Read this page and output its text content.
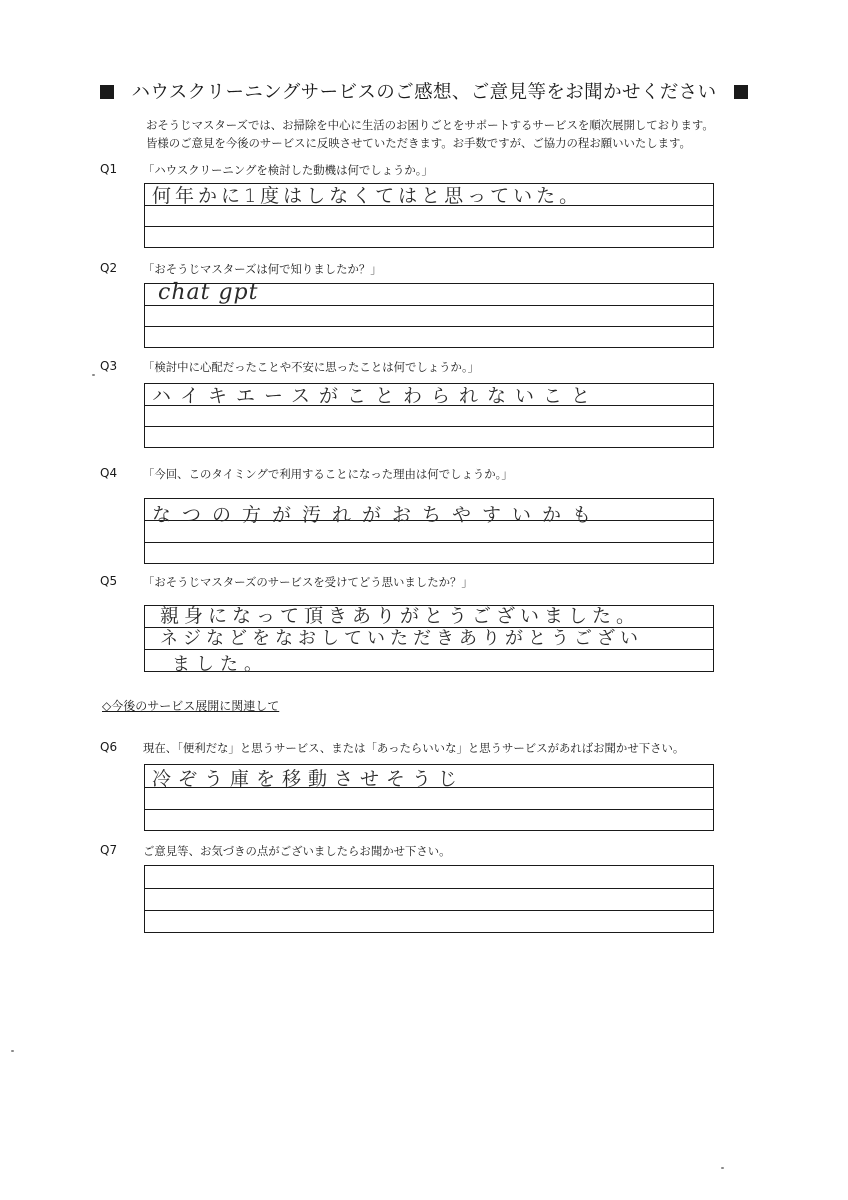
ハウスクリーニングサービスのご感想、ご意見等をお聞かせください
おそうじマスターズでは、お掃除を中心に生活のお困りごとをサポートするサービスを順次展開しております。
皆様のご意見を今後のサービスに反映させていただきます。お手数ですが、ご協力の程お願いいたします。
Q1 「ハウスクリーニングを検討した動機は何でしょうか。」
何年かに1度はしなくてはと思っていた。
Q2 「おそうじマスターズは何で知りましたか？」
chat gpt
Q3 「検討中に心配だったことや不安に思ったことは何でしょうか。」
ハイキエースがことわられないこと
Q4 「今回、このタイミングで利用することになった理由は何でしょうか。」
なつの方が汚れがおちやすいかも
Q5 「おそうじマスターズのサービスを受けてどう思いましたか？」
親身になって頂きありがとうございました。
ネジなどをなおしていただきありがとうござい
ました。
◇今後のサービス展開に関連して
Q6 現在、「便利だな」と思うサービス、または「あったらいいな」と思うサービスがあればお聞かせ下さい。
冷ぞう庫を移動させそうじ
Q7 ご意見等、お気づきの点がございましたらお聞かせ下さい。
